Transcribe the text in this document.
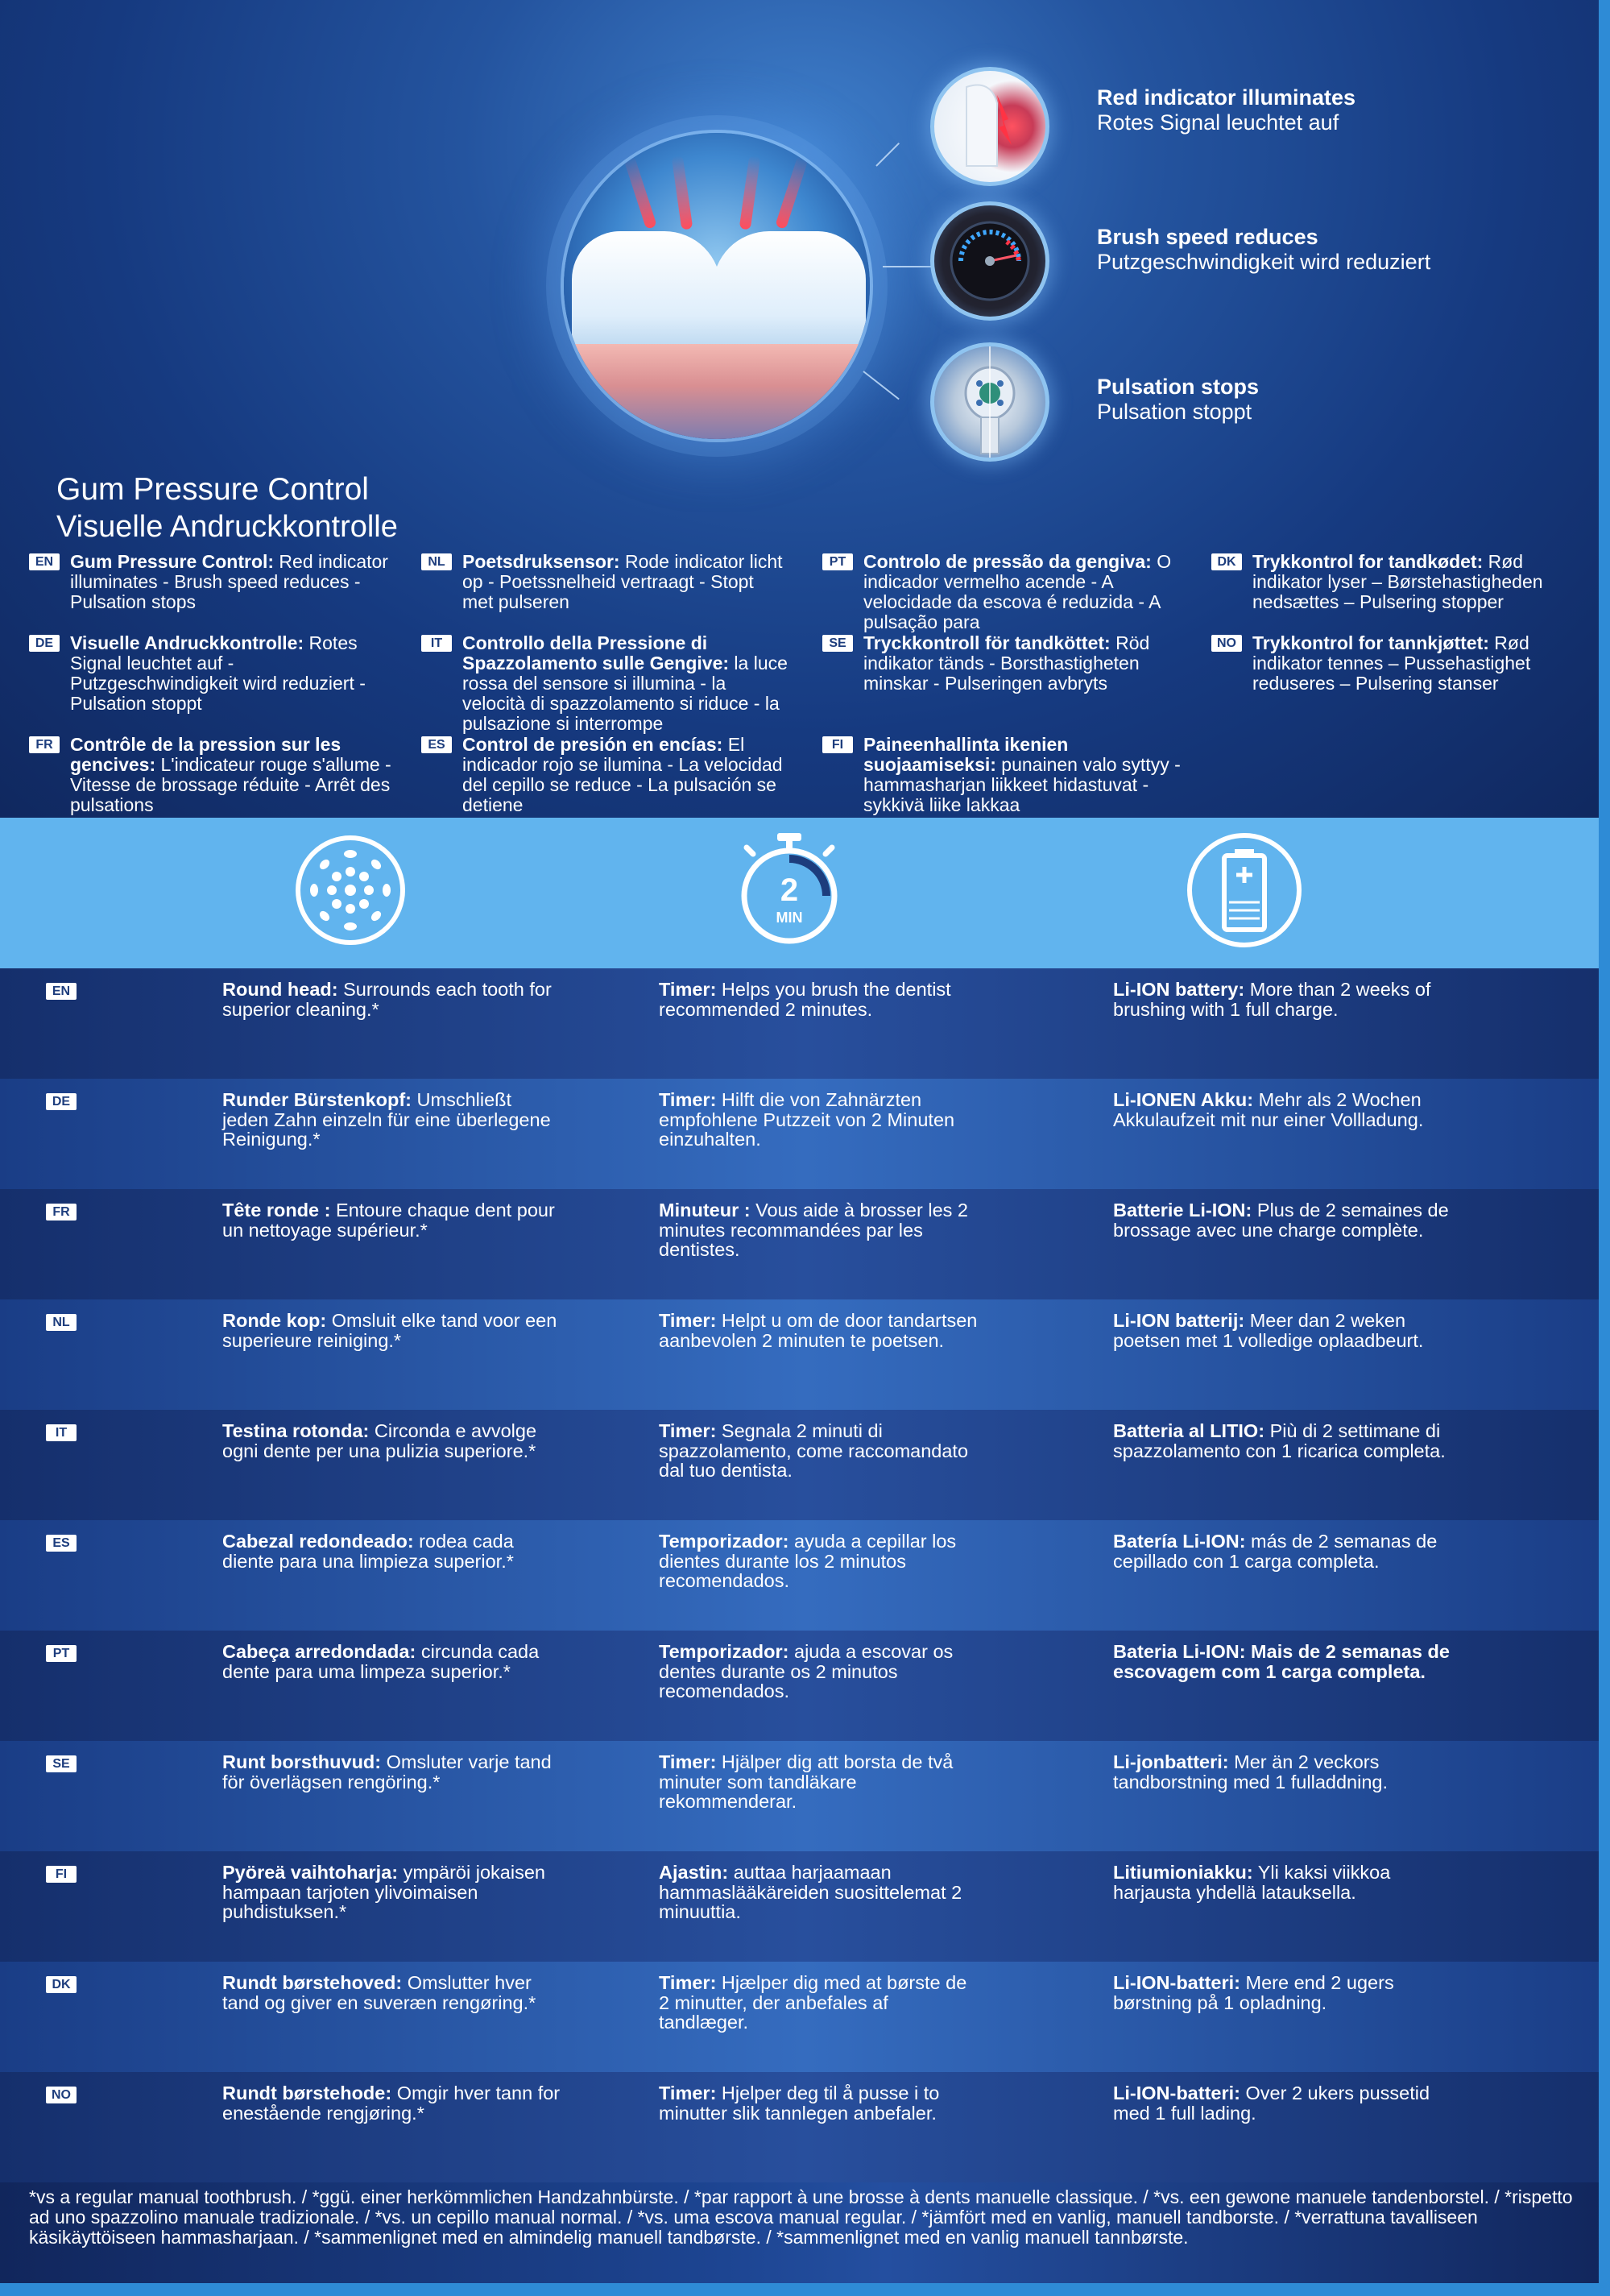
Red indicator illuminates
Rotes Signal leuchtet auf
Brush speed reduces
Putzgeschwindigkeit wird reduziert
Pulsation stops
Pulsation stoppt
Gum Pressure Control
Visuelle Andruckkontrolle
EN Gum Pressure Control: Red indicator illuminates - Brush speed reduces - Pulsation stops
DE Visuelle Andruckkontrolle: Rotes Signal leuchtet auf - Putzgeschwindigkeit wird reduziert - Pulsation stoppt
FR Contrôle de la pression sur les gencives: L'indicateur rouge s'allume - Vitesse de brossage réduite - Arrêt des pulsations
NL Poetsdruksensor: Rode indicator licht op - Poetssnelheid vertraagt - Stopt met pulseren
IT	Controllo della Pressione di Spazzolamento sulle Gengive: la luce rossa del sensore si illumina - la velocità di spazzolamento si riduce - la pulsazione si interrompe
ES Control de presión en encías: El indicador rojo se ilumina - La velocidad del cepillo se reduce - La pulsación se detiene
PT Controlo de pressão da gengiva: O indicador vermelho acende - A velocidade da escova é reduzida - A pulsação para
SE Tryckkontroll för tandköttet: Röd indikator tänds - Borsthastigheten minskar - Pulseringen avbryts
FI	Paineenhallinta ikenien suojaamiseksi: punainen valo syttyy - hammasharjan liikkeet hidastuvat - sykkivä liike lakkaa
DK Trykkontrol for tandkødet: Rød indikator lyser – Børstehastigheden nedsættes – Pulsering stopper
NO Trykkontrol for tannkjøttet: Rød indikator tennes – Pussehastighet reduseres – Pulsering stanser
2
MIN
EN	Round head: Surrounds each tooth for superior cleaning.*
Timer: Helps you brush the dentist recommended 2 minutes.
Li-ION battery: More than 2 weeks of brushing with 1 full charge.
DE	Runder Bürstenkopf: Umschließt jeden Zahn einzeln für eine überlegene Reinigung.*
Timer: Hilft die von Zahnärzten empfohlene Putzzeit von 2 Minuten einzuhalten.
Li-IONEN Akku: Mehr als 2 Wochen Akkulaufzeit mit nur einer Vollladung.
FR	Tête ronde : Entoure chaque dent pour un nettoyage supérieur.*
Minuteur : Vous aide à brosser les 2 minutes recommandées par les dentistes.
Batterie Li-ION: Plus de 2 semaines de brossage avec une charge complète.
NL	Ronde kop: Omsluit elke tand voor een superieure reiniging.*
Timer: Helpt u om de door tandartsen aanbevolen 2 minuten te poetsen.
Li-ION batterij: Meer dan 2 weken poetsen met 1 volledige oplaadbeurt.
IT	Testina rotonda: Circonda e avvolge ogni dente per una pulizia superiore.*
Timer: Segnala 2 minuti di spazzolamento, come raccomandato dal tuo dentista.
Batteria al LITIO: Più di 2 settimane di spazzolamento con 1 ricarica completa.
ES	Cabezal redondeado: rodea cada diente para una limpieza superior.*
Temporizador: ayuda a cepillar los dientes durante los 2 minutos recomendados.
Batería Li-ION: más de 2 semanas de cepillado con 1 carga completa.
PT	Cabeça arredondada: circunda cada dente para uma limpeza superior.*
Temporizador: ajuda a escovar os dentes durante os 2 minutos recomendados.
Bateria Li-ION: Mais de 2 semanas de escovagem com 1 carga completa.
SE	Runt borsthuvud: Omsluter varje tand för överlägsen rengöring.*
Timer: Hjälper dig att borsta de två minuter som tandläkare rekommenderar.
Li-jonbatteri: Mer än 2 veckors tandborstning med 1 fulladdning.
FI	Pyöreä vaihtoharja: ympäröi jokaisen hampaan tarjoten ylivoimaisen puhdistuksen.*
Ajastin: auttaa harjaamaan hammaslääkäreiden suosittelemat 2 minuuttia.
Litiumioniakku: Yli kaksi viikkoa harjausta yhdellä latauksella.
DK	Rundt børstehoved: Omslutter hver tand og giver en suveræn rengøring.*
Timer: Hjælper dig med at børste de 2 minutter, der anbefales af tandlæger.
Li-ION-batteri: Mere end 2 ugers børstning på 1 opladning.
NO	Rundt børstehode: Omgir hver tann for enestående rengjøring.*
Timer: Hjelper deg til å pusse i to minutter slik tannlegen anbefaler.
Li-ION-batteri: Over 2 ukers pussetid med 1 full lading.
*vs a regular manual toothbrush. / *ggü. einer herkömmlichen Handzahnbürste. / *par rapport à une brosse à dents manuelle classique. / *vs. een gewone manuele tandenborstel. / *rispetto ad uno spazzolino manuale tradizionale. / *vs. un cepillo manual normal. / *vs. uma escova manual regular. / *jämfört med en vanlig, manuell tandborste. / *verrattuna tavalliseen käsikäyttöiseen hammasharjaan. / *sammenlignet med en almindelig manuell tandbørste. / *sammenlignet med en vanlig manuell tannbørste.
